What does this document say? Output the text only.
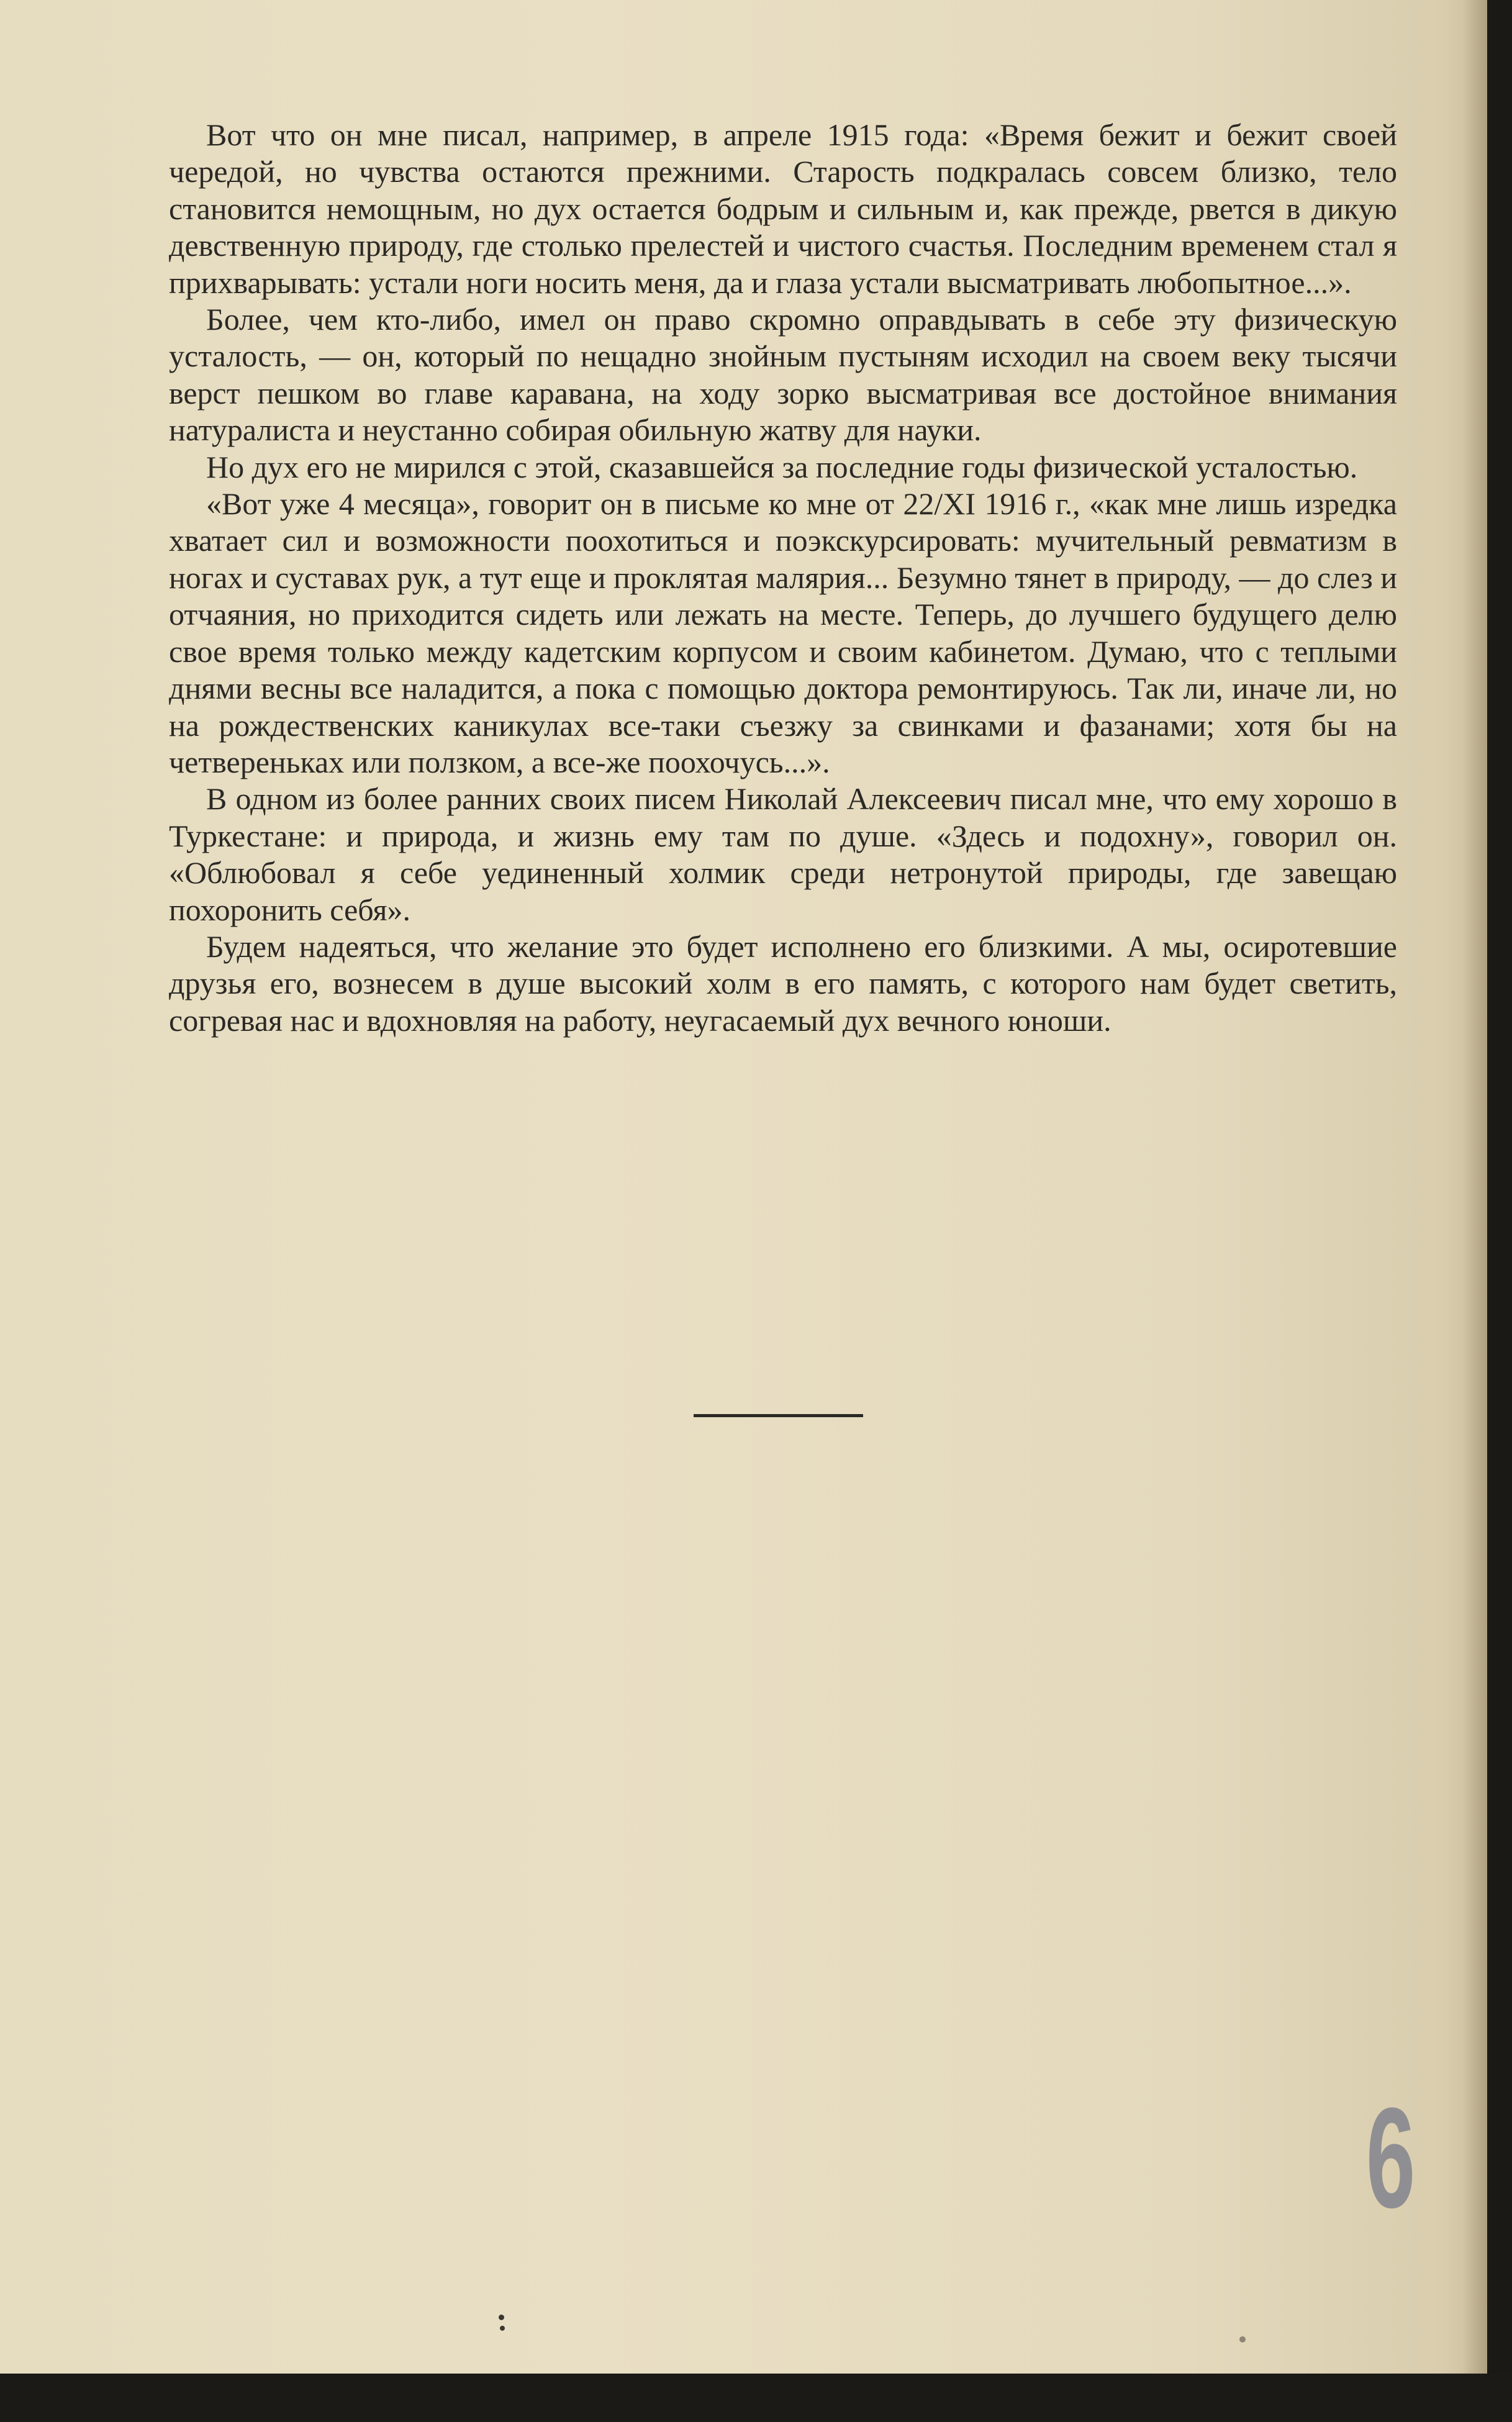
Вот что он мне писал, например, в апреле 1915 года: «Время бежит и бежит своей чередой, но чувства остаются прежними. Старость подкралась совсем близко, тело становится немощным, но дух остается бодрым и сильным и, как прежде, рвется в дикую девственную природу, где столько прелестей и чистого счастья. Последним временем стал я прихварывать: устали ноги носить меня, да и глаза устали высматривать любопытное...».

Более, чем кто-либо, имел он право скромно оправдывать в себе эту физическую усталость, — он, который по нещадно знойным пустыням исходил на своем веку тысячи верст пешком во главе каравана, на ходу зорко высматривая все достойное внимания натуралиста и неустанно собирая обильную жатву для науки.

Но дух его не мирился с этой, сказавшейся за последние годы физической усталостью.

«Вот уже 4 месяца», говорит он в письме ко мне от 22/XI 1916 г., «как мне лишь изредка хватает сил и возможности поохотиться и поэкскурсировать: мучительный ревматизм в ногах и суставах рук, а тут еще и проклятая малярия... Безумно тянет в природу, — до слез и отчаяния, но приходится сидеть или лежать на месте. Теперь, до лучшего будущего делю свое время только между кадетским корпусом и своим кабинетом. Думаю, что с теплыми днями весны все наладится, а пока с помощью доктора ремонтируюсь. Так ли, иначе ли, но на рождественских каникулах все-таки съезжу за свинками и фазанами; хотя бы на четвереньках или ползком, а все-же поохочусь...».

В одном из более ранних своих писем Николай Алексеевич писал мне, что ему хорошо в Туркестане: и природа, и жизнь ему там по душе. «Здесь и подохну», говорил он. «Облюбовал я себе уединенный холмик среди нетронутой природы, где завещаю похоронить себя».

Будем надеяться, что желание это будет исполнено его близкими. А мы, осиротевшие друзья его, вознесем в душе высокий холм в его память, с которого нам будет светить, согревая нас и вдохновляя на работу, неугасаемый дух вечного юноши.

6
